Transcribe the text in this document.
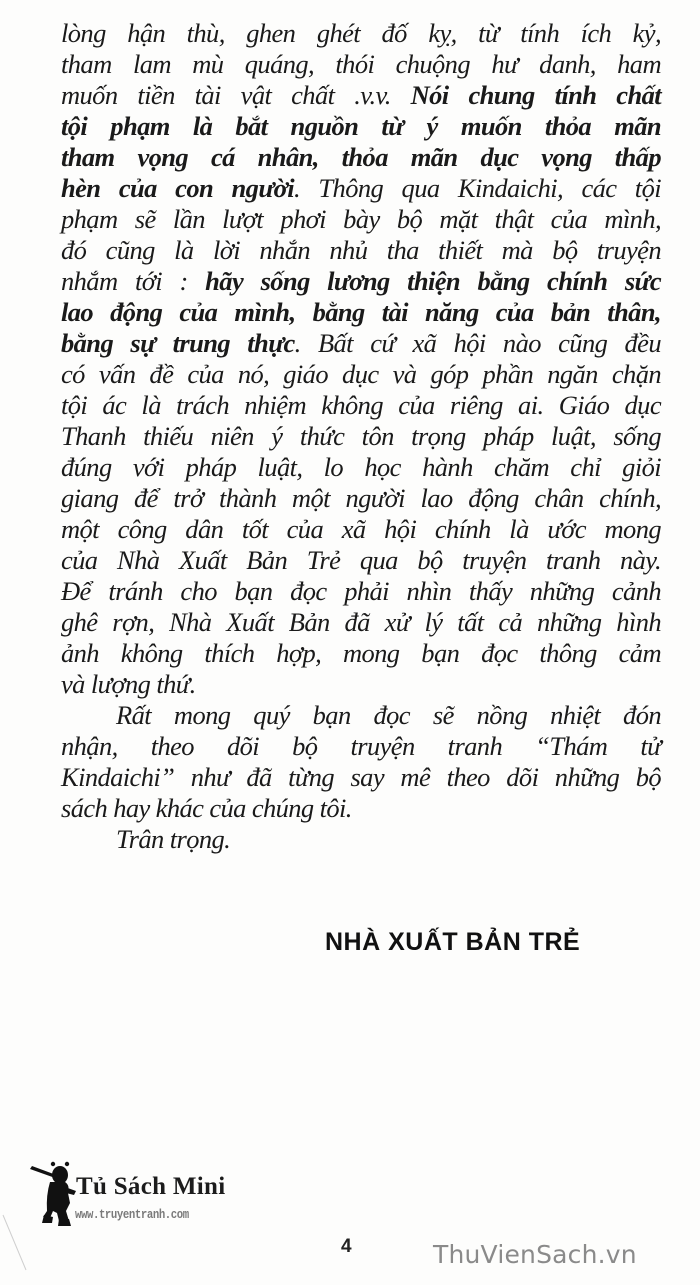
lòng hận thù, ghen ghét đố kỵ, từ tính ích kỷ,
tham lam mù quáng, thói chuộng hư danh, ham
muốn tiền tài vật chất .v.v. Nói chung tính chất
tội phạm là bắt nguồn từ ý muốn thỏa mãn
tham vọng cá nhân, thỏa mãn dục vọng thấp
hèn của con người. Thông qua Kindaichi, các tội
phạm sẽ lần lượt phơi bày bộ mặt thật của mình,
đó cũng là lời nhắn nhủ tha thiết mà bộ truyện
nhắm tới : hãy sống lương thiện bằng chính sức
lao động của mình, bằng tài năng của bản thân,
bằng sự trung thực. Bất cứ xã hội nào cũng đều
có vấn đề của nó, giáo dục và góp phần ngăn chặn
tội ác là trách nhiệm không của riêng ai. Giáo dục
Thanh thiếu niên ý thức tôn trọng pháp luật, sống
đúng với pháp luật, lo học hành chăm chỉ giỏi
giang để trở thành một người lao động chân chính,
một công dân tốt của xã hội chính là ước mong
của Nhà Xuất Bản Trẻ qua bộ truyện tranh này.
Để tránh cho bạn đọc phải nhìn thấy những cảnh
ghê rợn, Nhà Xuất Bản đã xử lý tất cả những hình
ảnh không thích hợp, mong bạn đọc thông cảm
và lượng thứ.
Rất mong quý bạn đọc sẽ nồng nhiệt đón
nhận, theo dõi bộ truyện tranh “Thám tử
Kindaichi” như đã từng say mê theo dõi những bộ
sách hay khác của chúng tôi.
Trân trọng.
NHÀ XUẤT BẢN TRẺ
Tủ Sách Mini
www.truyentranh.com
4	ThuVienSach.vn
